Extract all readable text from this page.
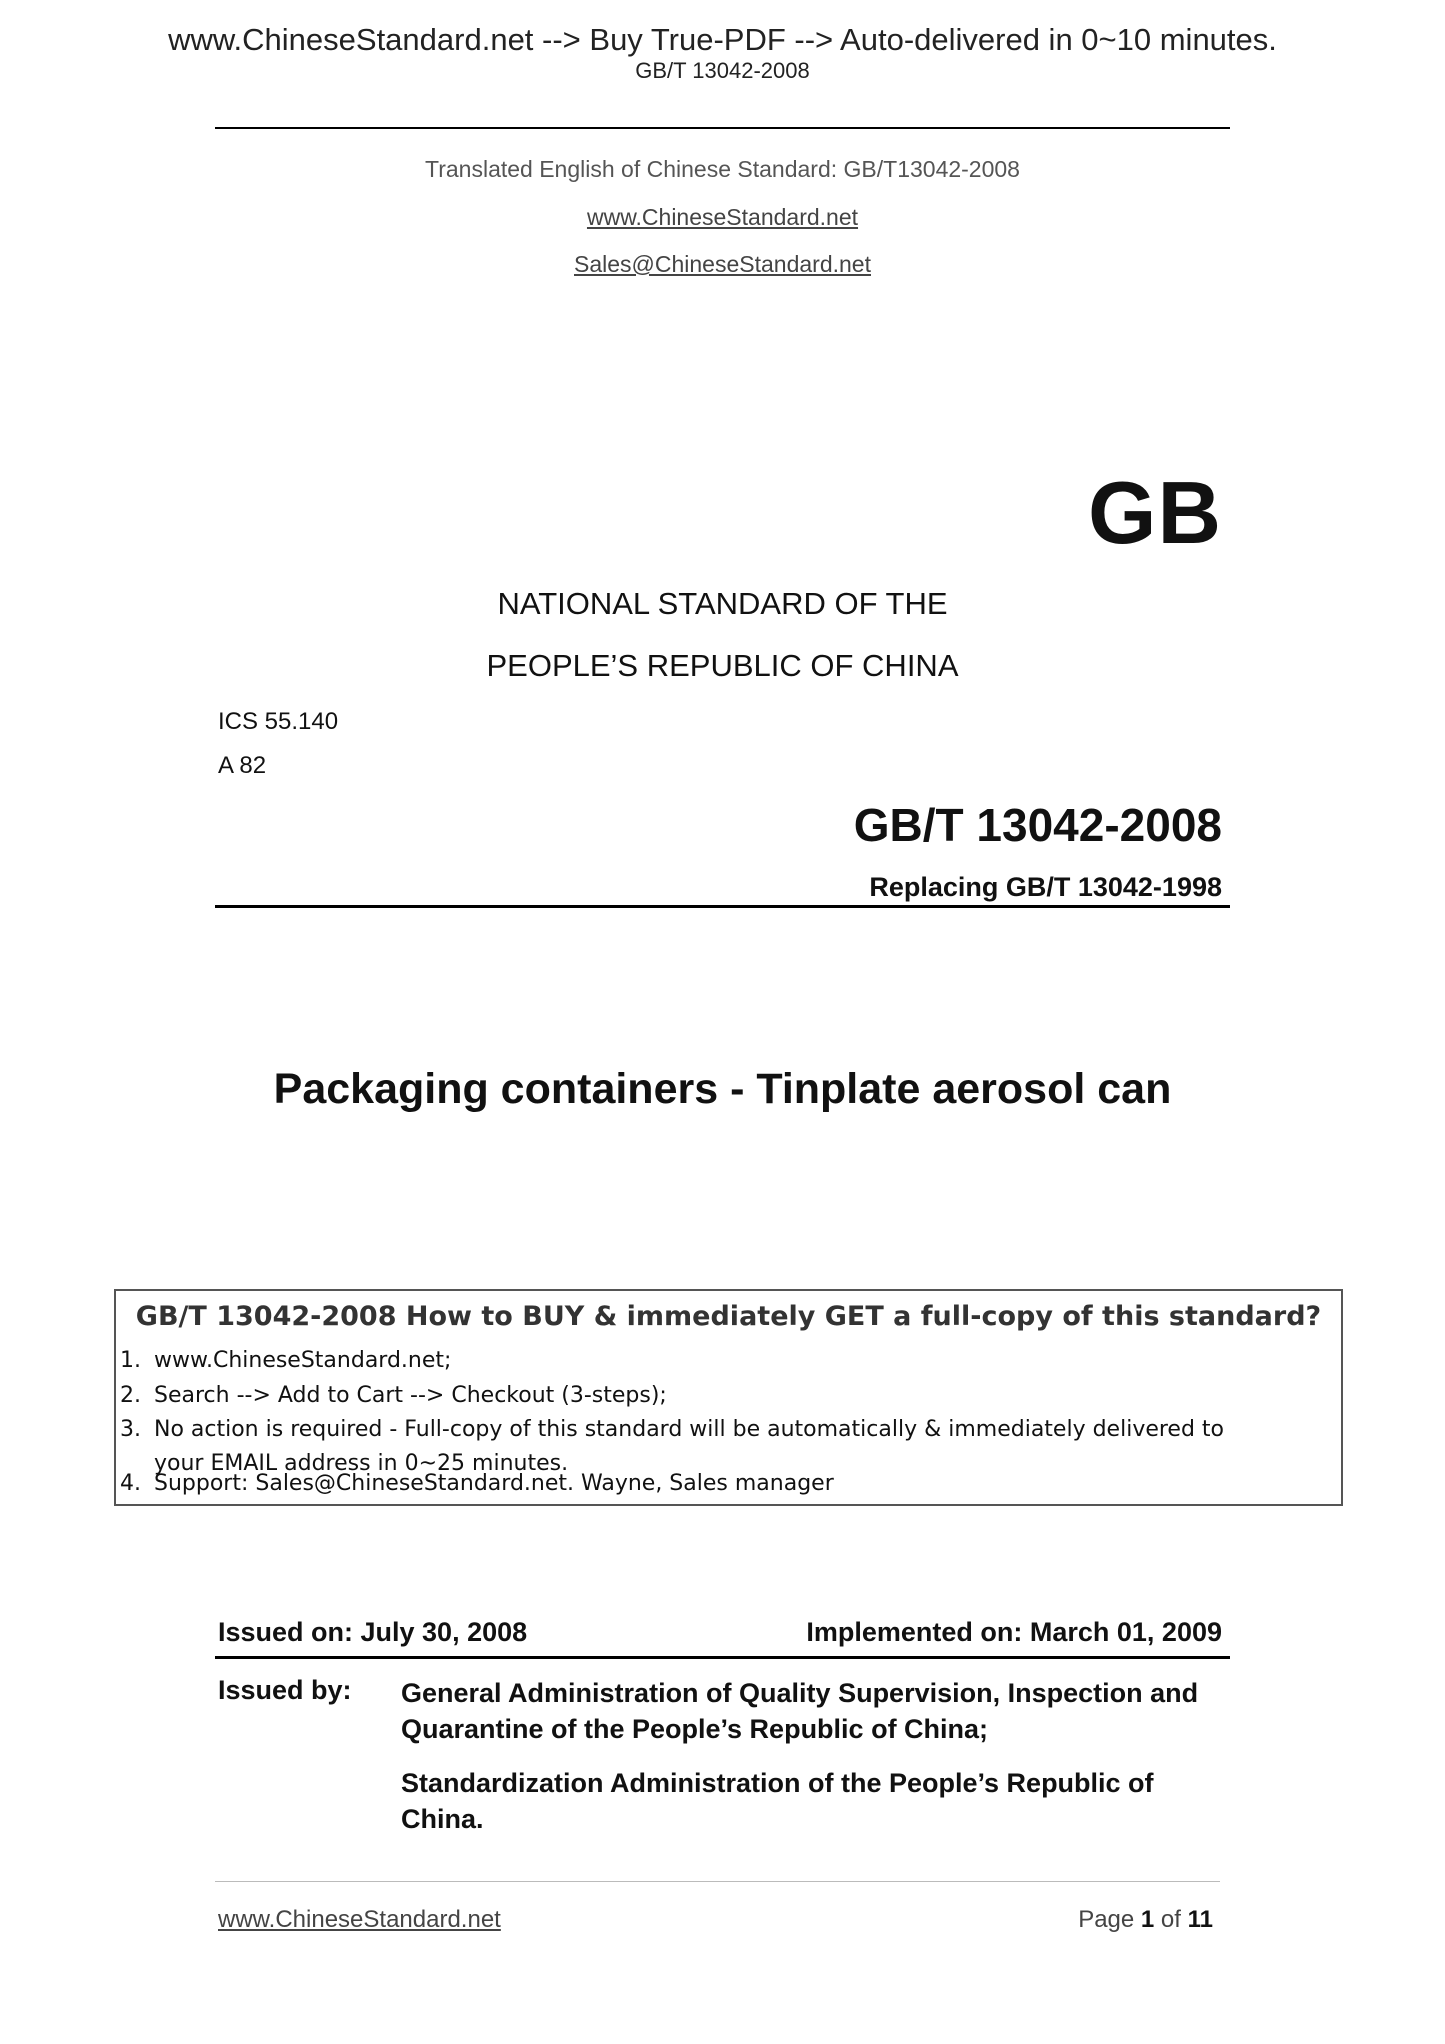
www.ChineseStandard.net --> Buy True-PDF --> Auto-delivered in 0~10 minutes.
GB/T 13042-2008
Translated English of Chinese Standard: GB/T13042-2008
www.ChineseStandard.net
Sales@ChineseStandard.net
GB
NATIONAL STANDARD OF THE
PEOPLE’S REPUBLIC OF CHINA
ICS 55.140
A 82
GB/T 13042-2008
Replacing GB/T 13042-1998
Packaging containers - Tinplate aerosol can
GB/T 13042-2008 How to BUY & immediately GET a full-copy of this standard?
1. www.ChineseStandard.net;
2. Search --> Add to Cart --> Checkout (3-steps);
3. No action is required - Full-copy of this standard will be automatically & immediately delivered to
your EMAIL address in 0~25 minutes.
4. Support: Sales@ChineseStandard.net. Wayne, Sales manager
Issued on: July 30, 2008	Implemented on: March 01, 2009
Issued by: General Administration of Quality Supervision, Inspection and Quarantine of the People’s Republic of China;
Standardization Administration of the People’s Republic of China.
www.ChineseStandard.net	Page 1 of 11
